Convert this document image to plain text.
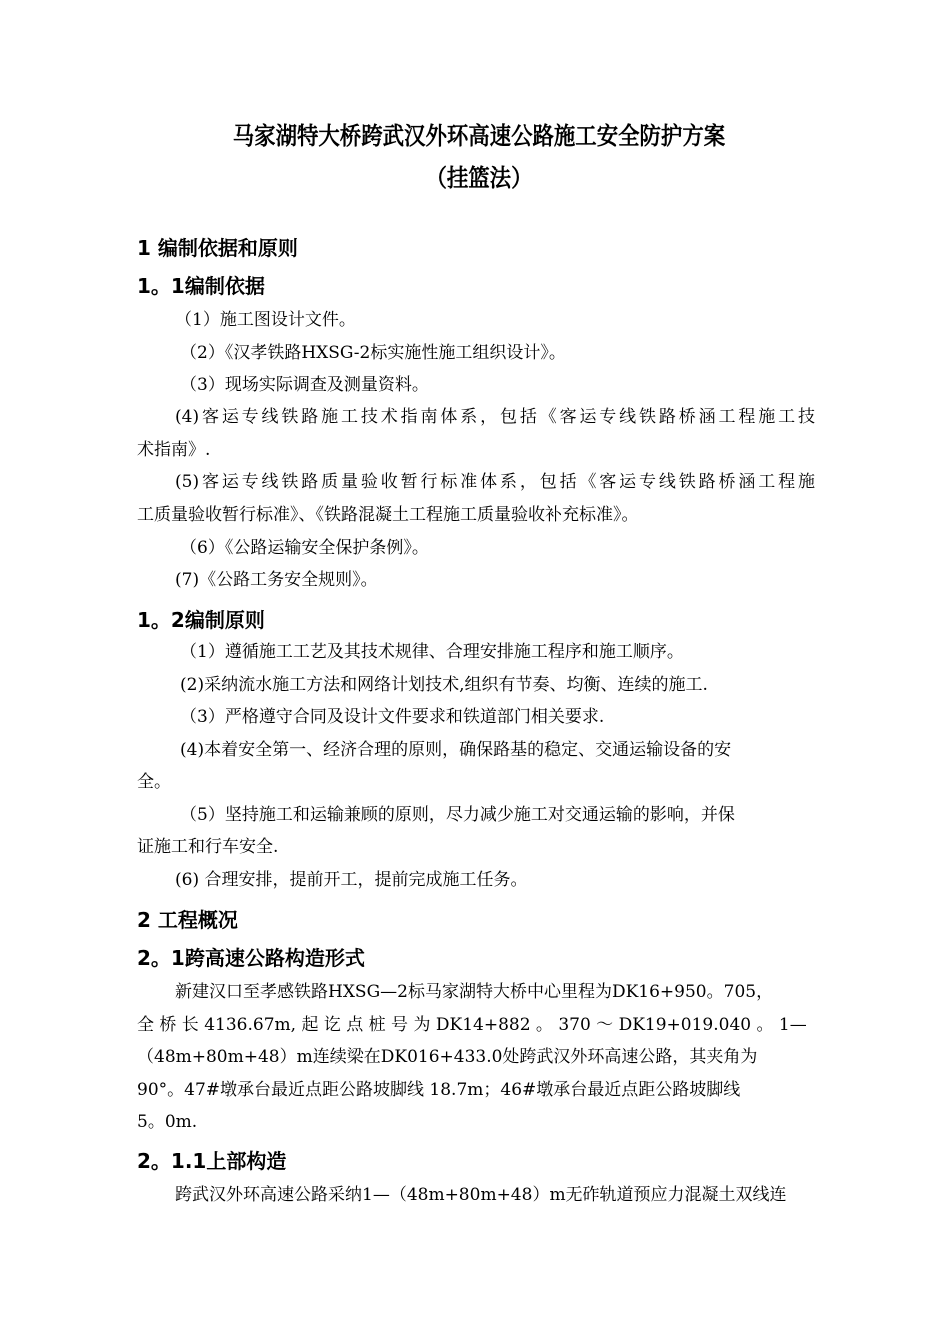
马家湖特大桥跨武汉外环高速公路施工安全防护方案
（挂篮法）
1 编制依据和原则
1。1编制依据
（1）施工图设计文件。
（2）《汉孝铁路HXSG-2标实施性施工组织设计》。
（3）现场实际调查及测量资料。
(4)客运专线铁路施工技术指南体系，包括《客运专线铁路桥涵工程施工技
术指南》.
(5)客运专线铁路质量验收暂行标准体系，包括《客运专线铁路桥涵工程施
工质量验收暂行标准》、《铁路混凝土工程施工质量验收补充标准》。
（6）《公路运输安全保护条例》。
(7)《公路工务安全规则》。
1。2编制原则
（1）遵循施工工艺及其技术规律、合理安排施工程序和施工顺序。
(2)采纳流水施工方法和网络计划技术,组织有节奏、均衡、连续的施工.
（3）严格遵守合同及设计文件要求和铁道部门相关要求.
(4)本着安全第一、经济合理的原则，确保路基的稳定、交通运输设备的安
全。
（5）坚持施工和运输兼顾的原则，尽力减少施工对交通运输的影响，并保
证施工和行车安全.
(6) 合理安排，提前开工，提前完成施工任务。
2 工程概况
2。1跨高速公路构造形式
新建汉口至孝感铁路HXSG—2标马家湖特大桥中心里程为DK16+950。705，
全 桥 长 4136.67m, 起 讫 点 桩 号 为 DK14+882 。 370 ～ DK19+019.040 。 1—
（48m+80m+48）m连续梁在DK016+433.0处跨武汉外环高速公路，其夹角为
90°。47#墩承台最近点距公路坡脚线 18.7m；46#墩承台最近点距公路坡脚线
5。0m.
2。1.1上部构造
跨武汉外环高速公路采纳1—（48m+80m+48）m无砟轨道预应力混凝土双线连
